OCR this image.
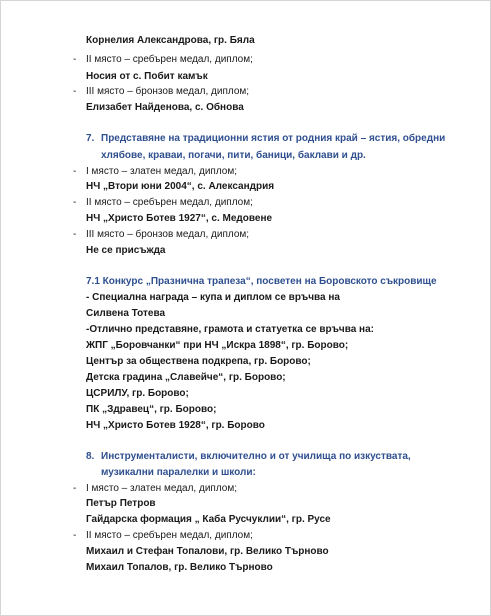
Корнелия Александрова, гр. Бяла
- II място – сребърен медал, диплом;
Носия от с. Побит камък
- III място – бронзов медал, диплом;
Елизабет Найденова, с. Обнова
7. Представяне на традиционни ястия от родния край – ястия, обредни
хлябове, краваи, погачи, пити, баници, баклави и др.
- I място – златен медал, диплом;
НЧ „Втори юни 2004“, с. Александрия
- II място – сребърен медал, диплом;
НЧ „Христо Ботев 1927“, с. Медовене
- III място – бронзов медал, диплом;
Не се присъжда
7.1 Конкурс „Празнична трапеза“, посветен на Боровското съкровище
- Специална награда – купа и диплом се връчва на
Силвена Тотева
-Отлично представяне, грамота и статуетка се връчва на:
ЖПГ „Боровчанки“ при НЧ „Искра 1898“, гр. Борово;
Център за обществена подкрепа, гр. Борово;
Детска градина „Славейче“, гр. Борово;
ЦСРИЛУ, гр. Борово;
ПК „Здравец“, гр. Борово;
НЧ „Христо Ботев 1928“, гр. Борово
8. Инструменталисти, включително и от училища по изкуствата,
музикални паралелки и школи:
- I място – златен медал, диплом;
Петър Петров
Гайдарска формация „ Каба Русчуклии“, гр. Русе
- II място – сребърен медал, диплом;
Михаил и Стефан Топалови, гр. Велико Търново
Михаил Топалов, гр. Велико Търново
